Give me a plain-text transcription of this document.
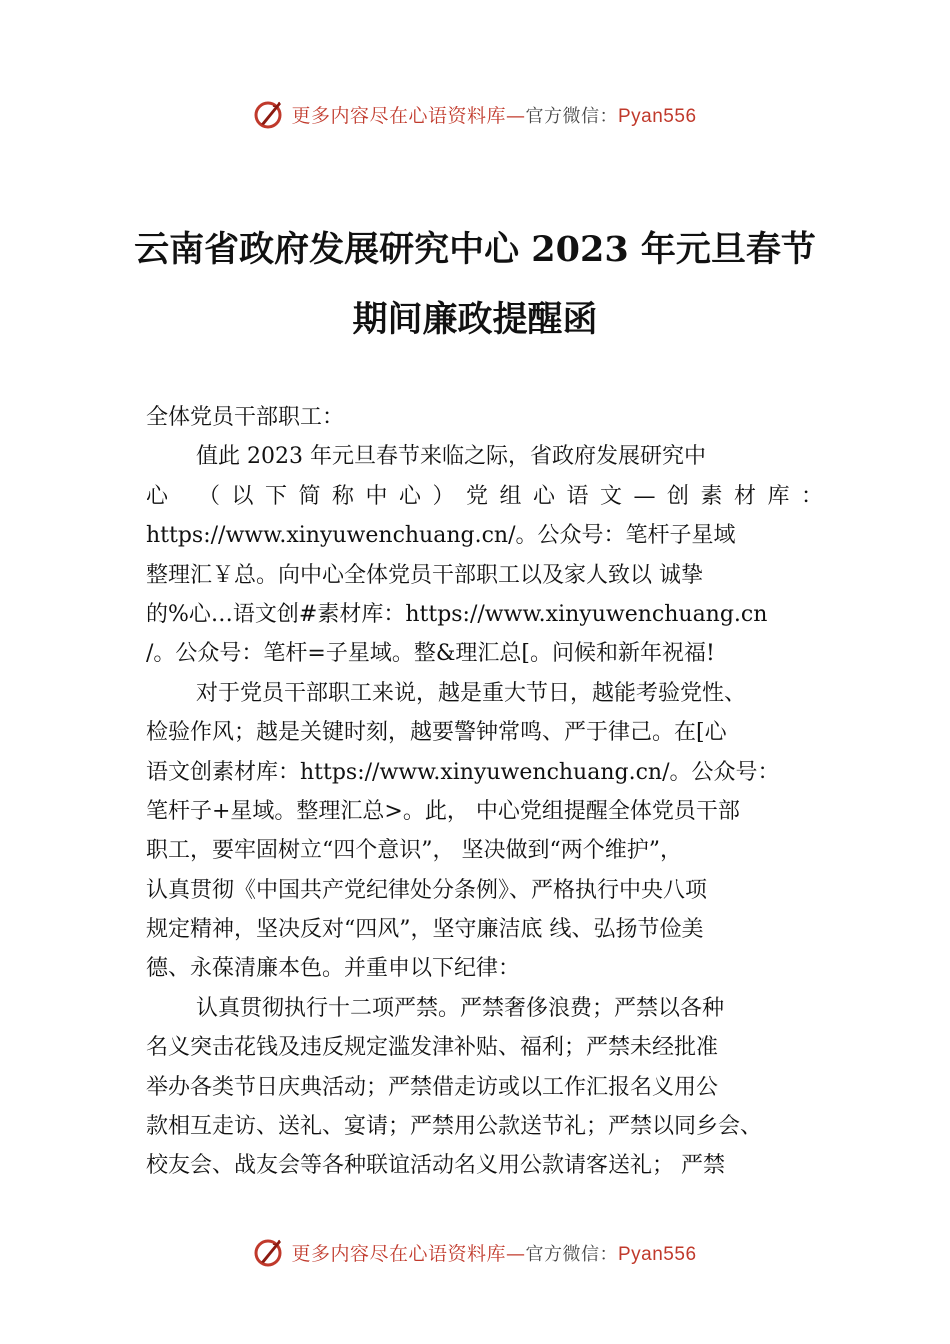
更多内容尽在心语资料库—官方微信：Pyan556
云南省政府发展研究中心 2023 年元旦春节
期间廉政提醒函
全体党员干部职工：
值此 2023 年元旦春节来临之际，省政府发展研究中
心 （以下简称中心）党组心语文—创素材库：
https://www.xinyuwenchuang.cn/。公众号：笔杆子星域
整理汇￥总。向中心全体党员干部职工以及家人致以 诚挚
的%心…语文创#素材库：https://www.xinyuwenchuang.cn
/。公众号：笔杆=子星域。整&理汇总[。问候和新年祝福!
对于党员干部职工来说，越是重大节日，越能考验党性、
检验作风；越是关键时刻，越要警钟常鸣、严于律己。在[心
语文创素材库：https://www.xinyuwenchuang.cn/。公众号：
笔杆子+星域。整理汇总>。此， 中心党组提醒全体党员干部
职工，要牢固树立“四个意识”， 坚决做到“两个维护”，
认真贯彻《中国共产党纪律处分条例》、严格执行中央八项
规定精神，坚决反对“四风”，坚守廉洁底 线、弘扬节俭美
德、永葆清廉本色。并重申以下纪律：
认真贯彻执行十二项严禁。严禁奢侈浪费；严禁以各种
名义突击花钱及违反规定滥发津补贴、福利；严禁未经批准
举办各类节日庆典活动；严禁借走访或以工作汇报名义用公
款相互走访、送礼、宴请；严禁用公款送节礼；严禁以同乡会、
校友会、战友会等各种联谊活动名义用公款请客送礼； 严禁
更多内容尽在心语资料库—官方微信：Pyan556
